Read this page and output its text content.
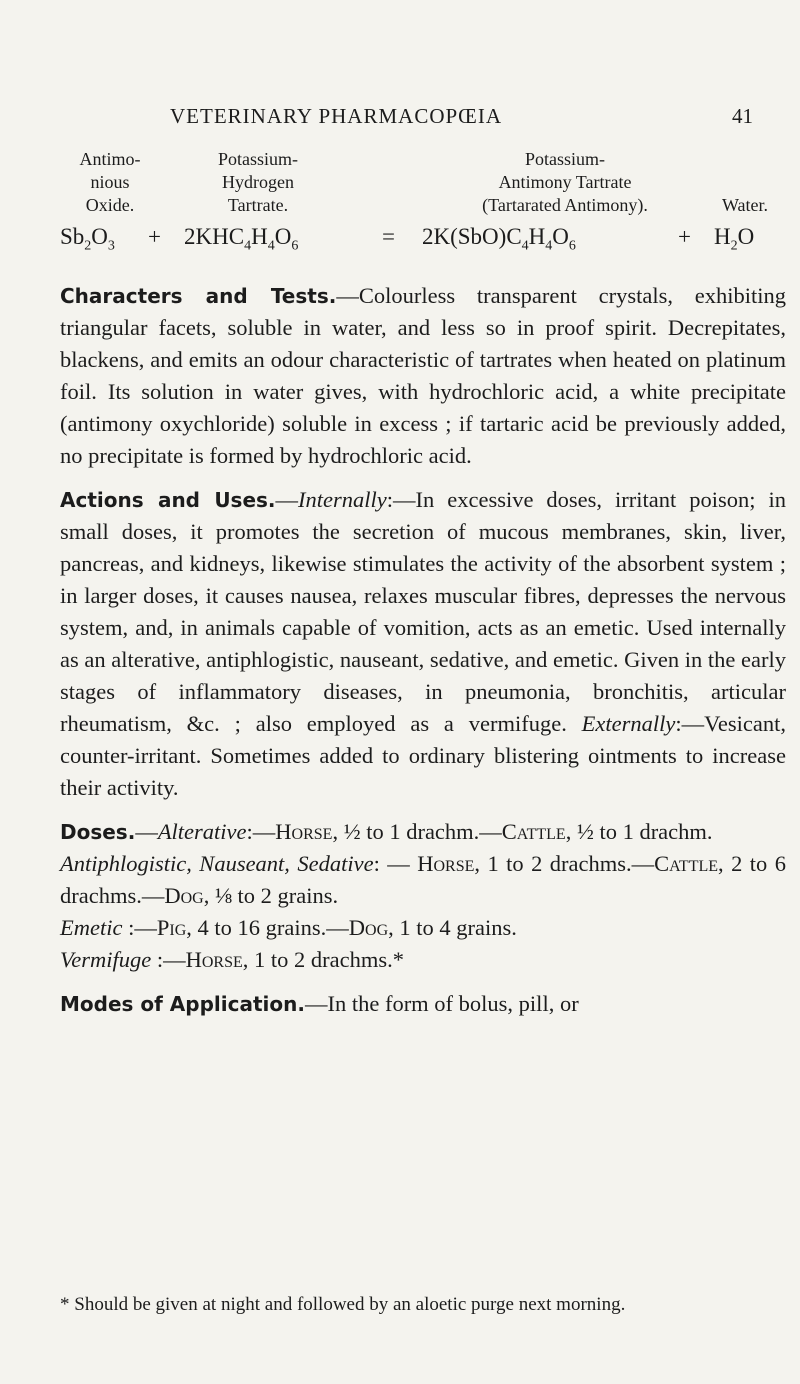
VETERINARY PHARMACOPŒIA	41
Antimo-
nious
Oxide.
Potassium-
Hydrogen
Tartrate.
Potassium-
Antimony Tartrate
(Tartarated Antimony).	Water.
$Sb_2O_3 + 2KHC_4H_4O_6$	= $2K(SbO)C_4H_4O_6$	+ $H_2O$

Characters and Tests.—Colourless transparent crystals, exhibiting triangular facets, soluble in water, and less so in proof spirit. Decrepitates, blackens, and emits an odour characteristic of tartrates when heated on platinum foil. Its solution in water gives, with hydrochloric acid, a white precipitate (antimony oxychloride) soluble in excess ; if tartaric acid be previously added, no precipitate is formed by hydrochloric acid.

Actions and Uses.—Internally:—In excessive doses, irritant poison; in small doses, it promotes the secretion of mucous membranes, skin, liver, pancreas, and kidneys, likewise stimulates the activity of the absorbent system ; in larger doses, it causes nausea, relaxes muscular fibres, depresses the nervous system, and, in animals capable of vomition, acts as an emetic. Used internally as an alterative, antiphlogistic, nauseant, sedative, and emetic. Given in the early stages of inflammatory diseases, in pneumonia, bronchitis, articular rheumatism, &c. ; also employed as a vermifuge. Externally:—Vesicant, counter-irritant. Sometimes added to ordinary blistering ointments to increase their activity.

Doses.—Alterative:—Horse, ½ to 1 drachm.—Cattle, ½ to 1 drachm.
Antiphlogistic, Nauseant, Sedative: — Horse, 1 to 2 drachms.—Cattle, 2 to 6 drachms.—Dog, ⅛ to 2 grains.
Emetic :—Pig, 4 to 16 grains.—Dog, 1 to 4 grains.
Vermifuge :—Horse, 1 to 2 drachms.*

Modes of Application.—In the form of bolus, pill, or

* Should be given at night and followed by an aloetic purge next morning.
